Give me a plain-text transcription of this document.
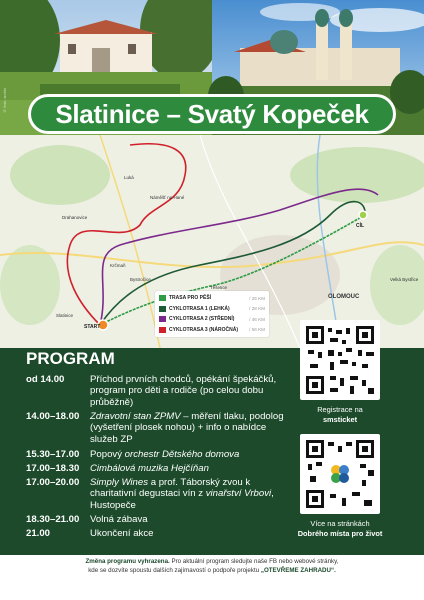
© foto: archiv Slatinice – Svatý Kopeček
START
CÍL
Slatinice
Drahanovice
Luká
Náměšť na Hané
Velká Bystřice
OLOMOUC
Krčmaň
Těšetice
Bystročice
TRASA PRO PĚŠÍ	/ 25 KM
CYKLOTRASA 1 (LEHKÁ)	/ 28 KM
CYKLOTRASA 2 (STŘEDNÍ)	/ 46 KM
CYKLOTRASA 3 (NÁROČNÁ)	/ 56 KM
PROGRAM
od 14.00	Příchod prvních chodců, opékání špekáčků, program pro děti a rodiče (po celou dobu průběžně)
14.00–18.00	Zdravotní stan ZPMV – měření tlaku, podolog (vyšetření plosek nohou) + info o nabídce služeb ZP
15.30–17.00	Popový orchestr Dětského domova
17.00–18.30	Cimbálová muzika Hejčíňan
17.00–20.00	Simply Wines a prof. Táborský zvou k charitativní degustaci vín z vinařství Vrbovi, Hustopeče
18.30–21.00	Volná zábava
21.00	Ukončení akce
Registrace na
smsticket
Více na stránkách
Dobrého místa pro život
Změna programu vyhrazena. Pro aktuální program sledujte naše FB nebo webové stránky,
kde se dozvíte spoustu dalších zajímavostí o podpoře projektu „OTEVŘEME ZAHRADU“.
